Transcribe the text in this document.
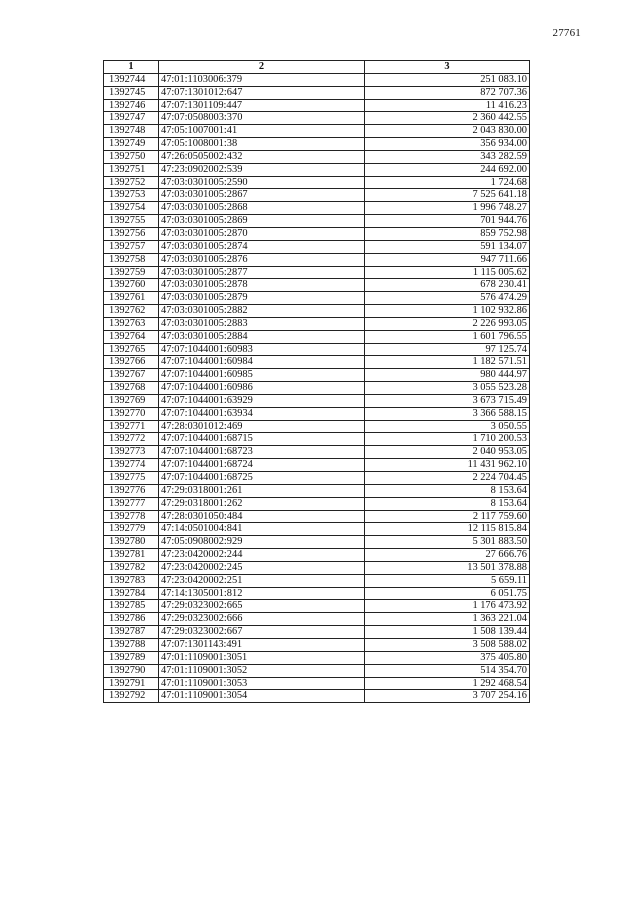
27761
1	2	3
1392744	47:01:1103006:379	251 083.10
1392745	47:07:1301012:647	872 707.36
1392746	47:07:1301109:447	11 416.23
1392747	47:07:0508003:370	2 360 442.55
1392748	47:05:1007001:41	2 043 830.00
1392749	47:05:1008001:38	356 934.00
1392750	47:26:0505002:432	343 282.59
1392751	47:23:0902002:539	244 692.00
1392752	47:03:0301005:2590	1 724.68
1392753	47:03:0301005:2867	7 525 641.18
1392754	47:03:0301005:2868	1 996 748.27
1392755	47:03:0301005:2869	701 944.76
1392756	47:03:0301005:2870	859 752.98
1392757	47:03:0301005:2874	591 134.07
1392758	47:03:0301005:2876	947 711.66
1392759	47:03:0301005:2877	1 115 005.62
1392760	47:03:0301005:2878	678 230.41
1392761	47:03:0301005:2879	576 474.29
1392762	47:03:0301005:2882	1 102 932.86
1392763	47:03:0301005:2883	2 226 993.05
1392764	47:03:0301005:2884	1 601 796.55
1392765	47:07:1044001:60983	97 125.74
1392766	47:07:1044001:60984	1 182 571.51
1392767	47:07:1044001:60985	980 444.97
1392768	47:07:1044001:60986	3 055 523.28
1392769	47:07:1044001:63929	3 673 715.49
1392770	47:07:1044001:63934	3 366 588.15
1392771	47:28:0301012:469	3 050.55
1392772	47:07:1044001:68715	1 710 200.53
1392773	47:07:1044001:68723	2 040 953.05
1392774	47:07:1044001:68724	11 431 962.10
1392775	47:07:1044001:68725	2 224 704.45
1392776	47:29:0318001:261	8 153.64
1392777	47:29:0318001:262	8 153.64
1392778	47:28:0301050:484	2 117 759.60
1392779	47:14:0501004:841	12 115 815.84
1392780	47:05:0908002:929	5 301 883.50
1392781	47:23:0420002:244	27 666.76
1392782	47:23:0420002:245	13 501 378.88
1392783	47:23:0420002:251	5 659.11
1392784	47:14:1305001:812	6 051.75
1392785	47:29:0323002:665	1 176 473.92
1392786	47:29:0323002:666	1 363 221.04
1392787	47:29:0323002:667	1 508 139.44
1392788	47:07:1301143:491	3 508 588.02
1392789	47:01:1109001:3051	375 405.80
1392790	47:01:1109001:3052	514 354.70
1392791	47:01:1109001:3053	1 292 468.54
1392792	47:01:1109001:3054	3 707 254.16
